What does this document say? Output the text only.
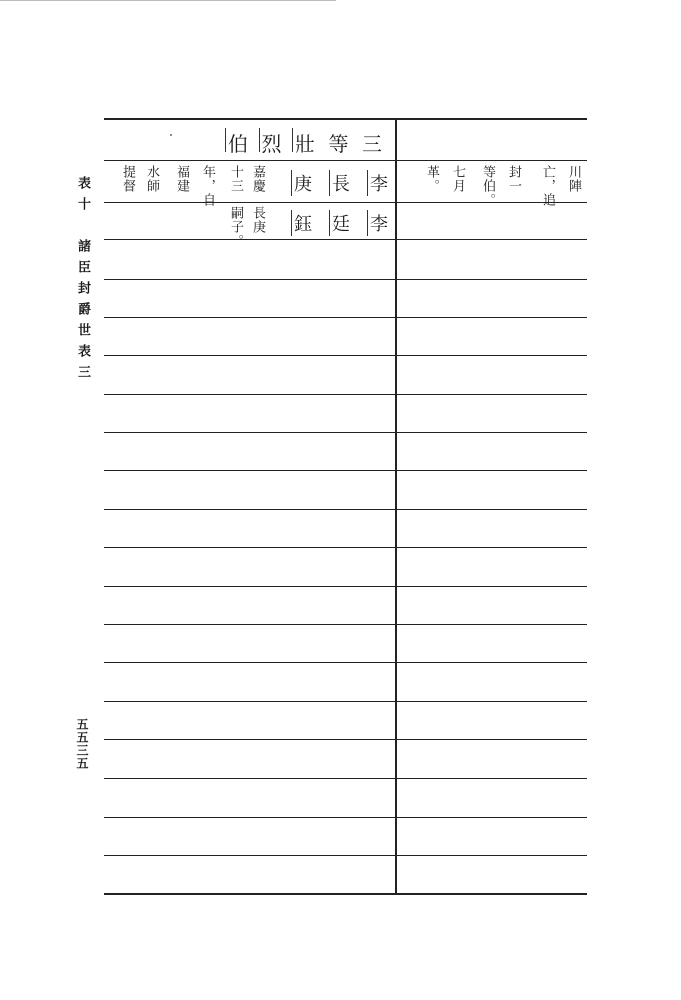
表十　諸臣封爵世表三
五五三五
三
等
壯
烈
伯
嘉慶
十三
年，自
福建
水師
提督	庚 長 李
長庚
嗣子。	鈺 廷 李
川陣
亡，追
封一
等伯。
七月
革。
